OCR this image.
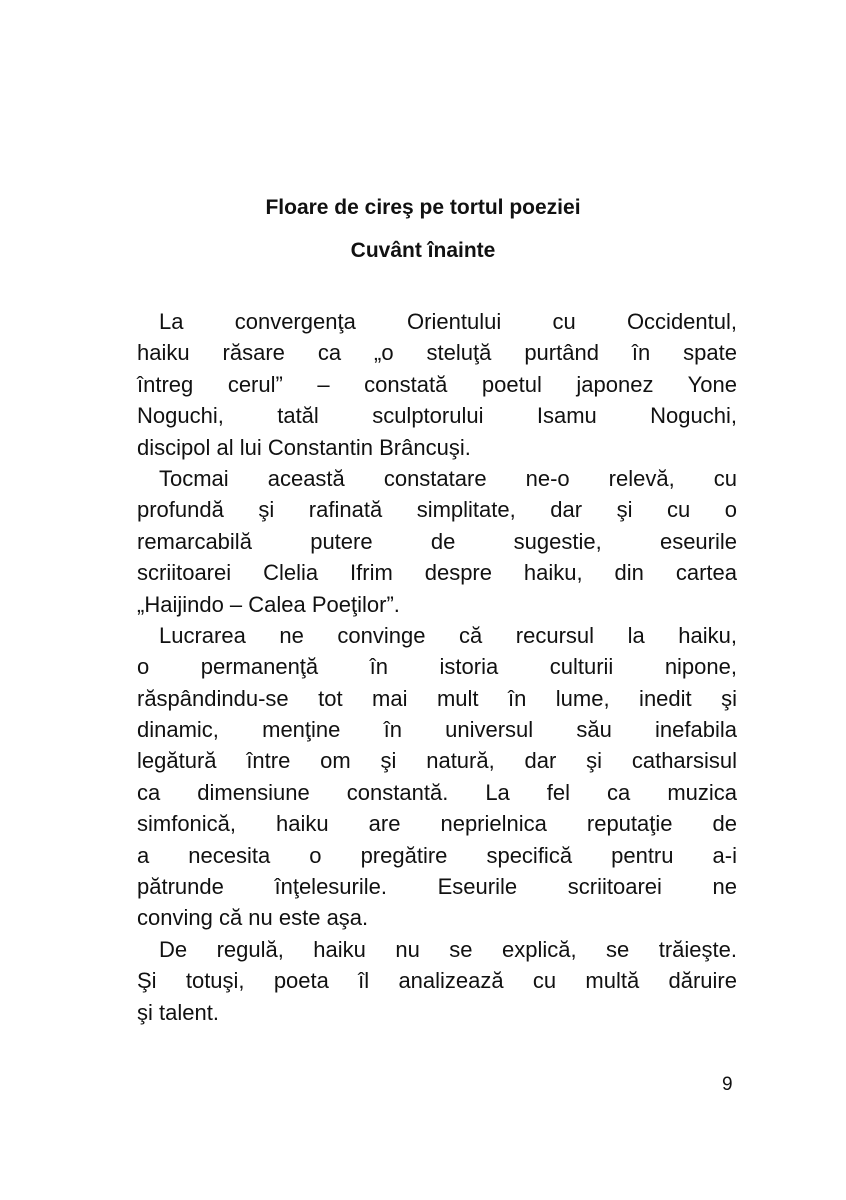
Floare de cireş pe tortul poeziei
Cuvânt înainte
La convergenţa Orientului cu Occidentul,
haiku răsare ca „o steluţă purtând în spate
întreg cerul” – constată poetul japonez Yone
Noguchi, tatăl sculptorului Isamu Noguchi,
discipol al lui Constantin Brâncuşi.
Tocmai această constatare ne-o relevă, cu
profundă şi rafinată simplitate, dar şi cu o
remarcabilă putere de sugestie, eseurile
scriitoarei Clelia Ifrim despre haiku, din cartea
„Haijindo – Calea Poeţilor”.
Lucrarea ne convinge că recursul la haiku,
o permanenţă în istoria culturii nipone,
răspândindu-se tot mai mult în lume, inedit şi
dinamic, menţine în universul său inefabila
legătură între om şi natură, dar şi catharsisul
ca dimensiune constantă. La fel ca muzica
simfonică, haiku are neprielnica reputaţie de
a necesita o pregătire specifică pentru a-i
pătrunde înţelesurile. Eseurile scriitoarei ne
conving că nu este aşa.
De regulă, haiku nu se explică, se trăieşte.
Şi totuşi, poeta îl analizează cu multă dăruire
şi talent.
9
